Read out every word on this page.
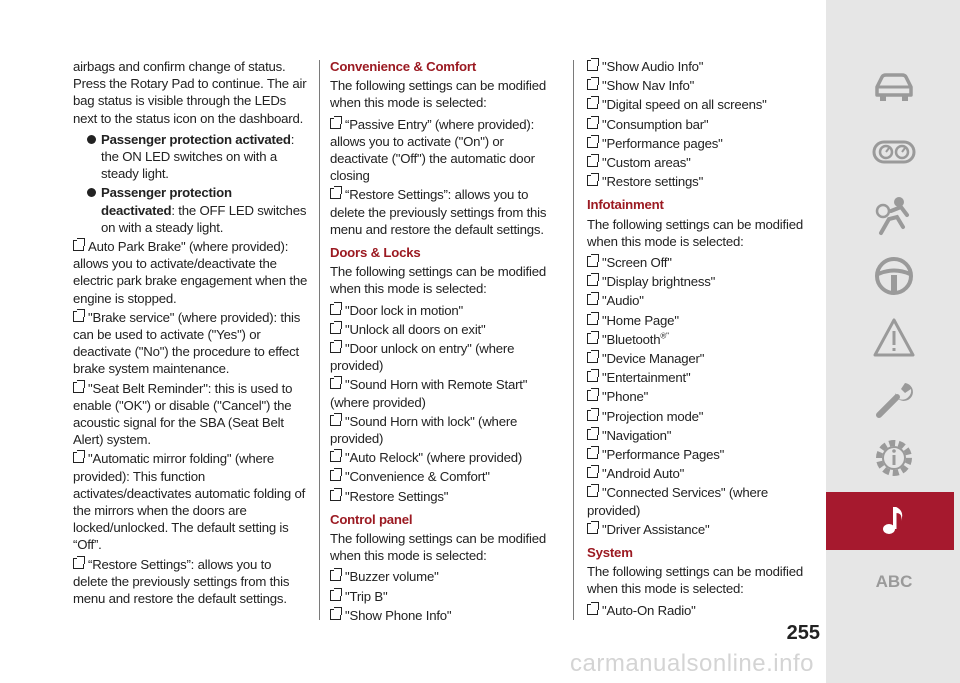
airbags and confirm change of status. Press the Rotary Pad to continue. The air bag status is visible through the LEDs next to the status icon on the dashboard.

Passenger protection activated: the ON LED switches on with a steady light.
Passenger protection deactivated: the OFF LED switches on with a steady light.
Auto Park Brake" (where provided): allows you to activate/deactivate the electric park brake engagement when the engine is stopped.
"Brake service" (where provided): this can be used to activate ("Yes") or deactivate ("No") the procedure to effect brake system maintenance.
"Seat Belt Reminder": this is used to enable ("OK") or disable ("Cancel") the acoustic signal for the SBA (Seat Belt Alert) system.
"Automatic mirror folding" (where provided): This function activates/deactivates automatic folding of the mirrors when the doors are locked/unlocked. The default setting is “Off”.
“Restore Settings”: allows you to delete the previously settings from this menu and restore the default settings.
Convenience & Comfort

The following settings can be modified when this mode is selected:

“Passive Entry” (where provided): allows you to activate ("On") or deactivate ("Off") the automatic door closing
“Restore Settings”: allows you to delete the previously settings from this menu and restore the default settings.
Doors & Locks

The following settings can be modified when this mode is selected:

"Door lock in motion"
"Unlock all doors on exit"
"Door unlock on entry" (where provided)
"Sound Horn with Remote Start" (where provided)
"Sound Horn with lock" (where provided)
"Auto Relock" (where provided)
"Convenience & Comfort"
"Restore Settings"
Control panel

The following settings can be modified when this mode is selected:

"Buzzer volume"
"Trip B"
"Show Phone Info"
"Show Audio Info"
"Show Nav Info"
"Digital speed on all screens"
"Consumption bar"
"Performance pages"
"Custom areas"
"Restore settings"
Infotainment

The following settings can be modified when this mode is selected:

"Screen Off"
"Display brightness"
"Audio"
"Home Page"
"Bluetooth®"
"Device Manager"
"Entertainment"
"Phone"
"Projection mode"
"Navigation"
"Performance Pages"
"Android Auto"
"Connected Services" (where provided)
"Driver Assistance"
System

The following settings can be modified when this mode is selected:

"Auto-On Radio"
ABC
255
carmanualsonline.info
